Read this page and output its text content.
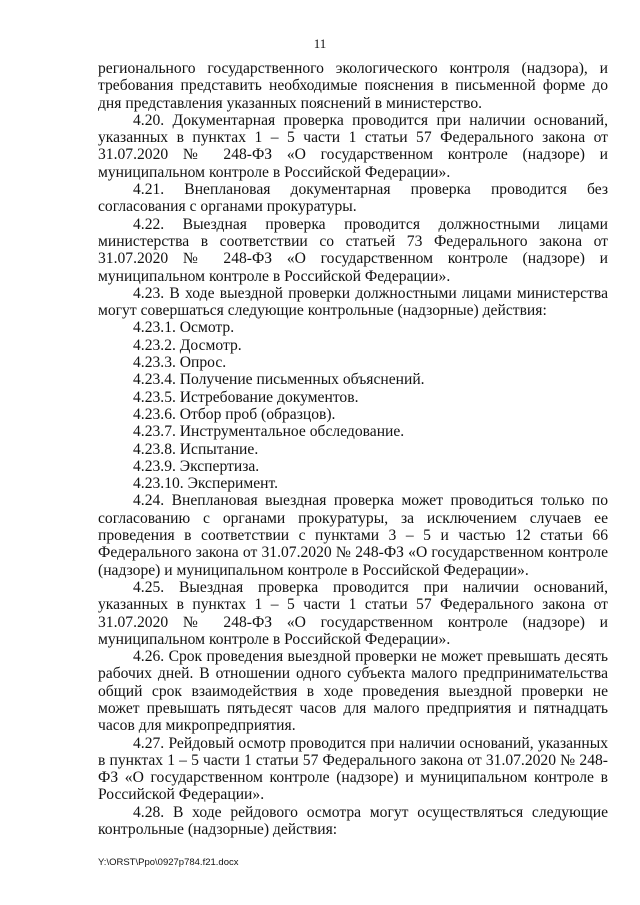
11

регионального государственного экологического контроля (надзора), и требования представить необходимые пояснения в письменной форме до дня представления указанных пояснений в министерство.

4.20. Документарная проверка проводится при наличии оснований, указанных в пунктах 1 – 5 части 1 статьи 57 Федерального закона от 31.07.2020 № 248-ФЗ «О государственном контроле (надзоре) и муниципальном контроле в Российской Федерации».

4.21. Внеплановая документарная проверка проводится без согласования с органами прокуратуры.

4.22. Выездная проверка проводится должностными лицами министерства в соответствии со статьей 73 Федерального закона от 31.07.2020 № 248-ФЗ «О государственном контроле (надзоре) и муниципальном контроле в Российской Федерации».

4.23. В ходе выездной проверки должностными лицами министерства могут совершаться следующие контрольные (надзорные) действия:

4.23.1. Осмотр.

4.23.2. Досмотр.

4.23.3. Опрос.

4.23.4. Получение письменных объяснений.

4.23.5. Истребование документов.

4.23.6. Отбор проб (образцов).

4.23.7. Инструментальное обследование.

4.23.8. Испытание.

4.23.9. Экспертиза.

4.23.10. Эксперимент.

4.24. Внеплановая выездная проверка может проводиться только по согласованию с органами прокуратуры, за исключением случаев ее проведения в соответствии с пунктами 3 – 5 и частью 12 статьи 66 Федерального закона от 31.07.2020 № 248-ФЗ «О государственном контроле (надзоре) и муниципальном контроле в Российской Федерации».

4.25. Выездная проверка проводится при наличии оснований, указанных в пунктах 1 – 5 части 1 статьи 57 Федерального закона от 31.07.2020 № 248-ФЗ «О государственном контроле (надзоре) и муниципальном контроле в Российской Федерации».

4.26. Срок проведения выездной проверки не может превышать десять рабочих дней. В отношении одного субъекта малого предпринимательства общий срок взаимодействия в ходе проведения выездной проверки не может превышать пятьдесят часов для малого предприятия и пятнадцать часов для микропредприятия.

4.27. Рейдовый осмотр проводится при наличии оснований, указанных в пунктах 1 – 5 части 1 статьи 57 Федерального закона от 31.07.2020 № 248-ФЗ «О государственном контроле (надзоре) и муниципальном контроле в Российской Федерации».

4.28. В ходе рейдового осмотра могут осуществляться следующие контрольные (надзорные) действия:

Y:\ORST\Ppo\0927p784.f21.docx
